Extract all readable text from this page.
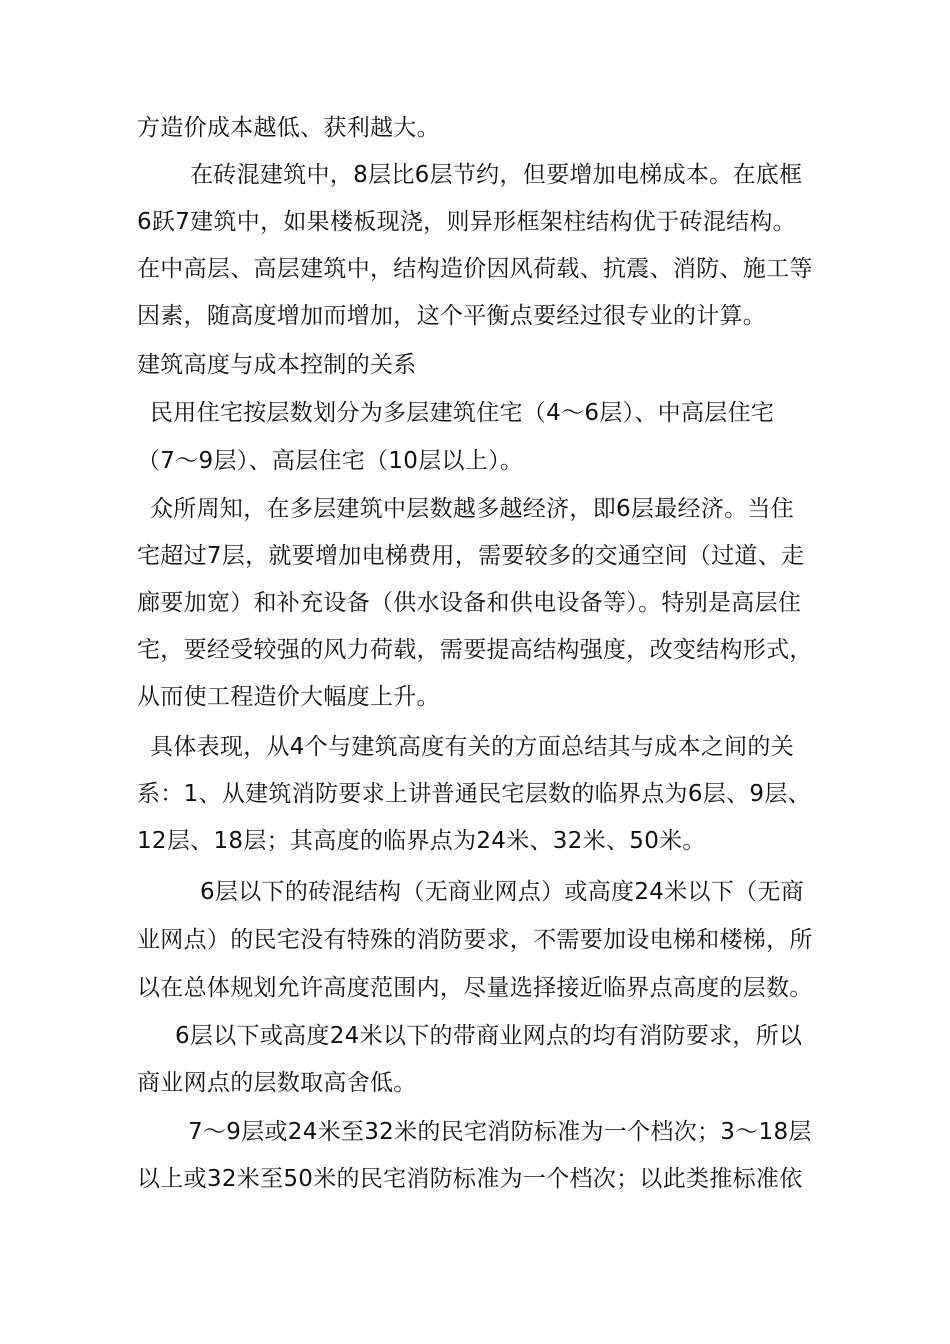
方造价成本越低、获利越大。
在砖混建筑中，8层比6层节约，但要增加电梯成本。在底框
6跃7建筑中，如果楼板现浇，则异形框架柱结构优于砖混结构。
在中高层、高层建筑中，结构造价因风荷载、抗震、消防、施工等
因素，随高度增加而增加，这个平衡点要经过很专业的计算。
建筑高度与成本控制的关系
民用住宅按层数划分为多层建筑住宅（4～6层）、中高层住宅
（7～9层）、高层住宅（10层以上）。
众所周知，在多层建筑中层数越多越经济，即6层最经济。当住
宅超过7层，就要增加电梯费用，需要较多的交通空间（过道、走
廊要加宽）和补充设备（供水设备和供电设备等）。特别是高层住
宅，要经受较强的风力荷载，需要提高结构强度，改变结构形式，
从而使工程造价大幅度上升。
具体表现，从4个与建筑高度有关的方面总结其与成本之间的关
系：1、从建筑消防要求上讲普通民宅层数的临界点为6层、9层、
12层、18层；其高度的临界点为24米、32米、50米。
6层以下的砖混结构（无商业网点）或高度24米以下（无商
业网点）的民宅没有特殊的消防要求，不需要加设电梯和楼梯，所
以在总体规划允许高度范围内，尽量选择接近临界点高度的层数。
6层以下或高度24米以下的带商业网点的均有消防要求，所以
商业网点的层数取高舍低。
7～9层或24米至32米的民宅消防标准为一个档次；3～18层
以上或32米至50米的民宅消防标准为一个档次；以此类推标准依
